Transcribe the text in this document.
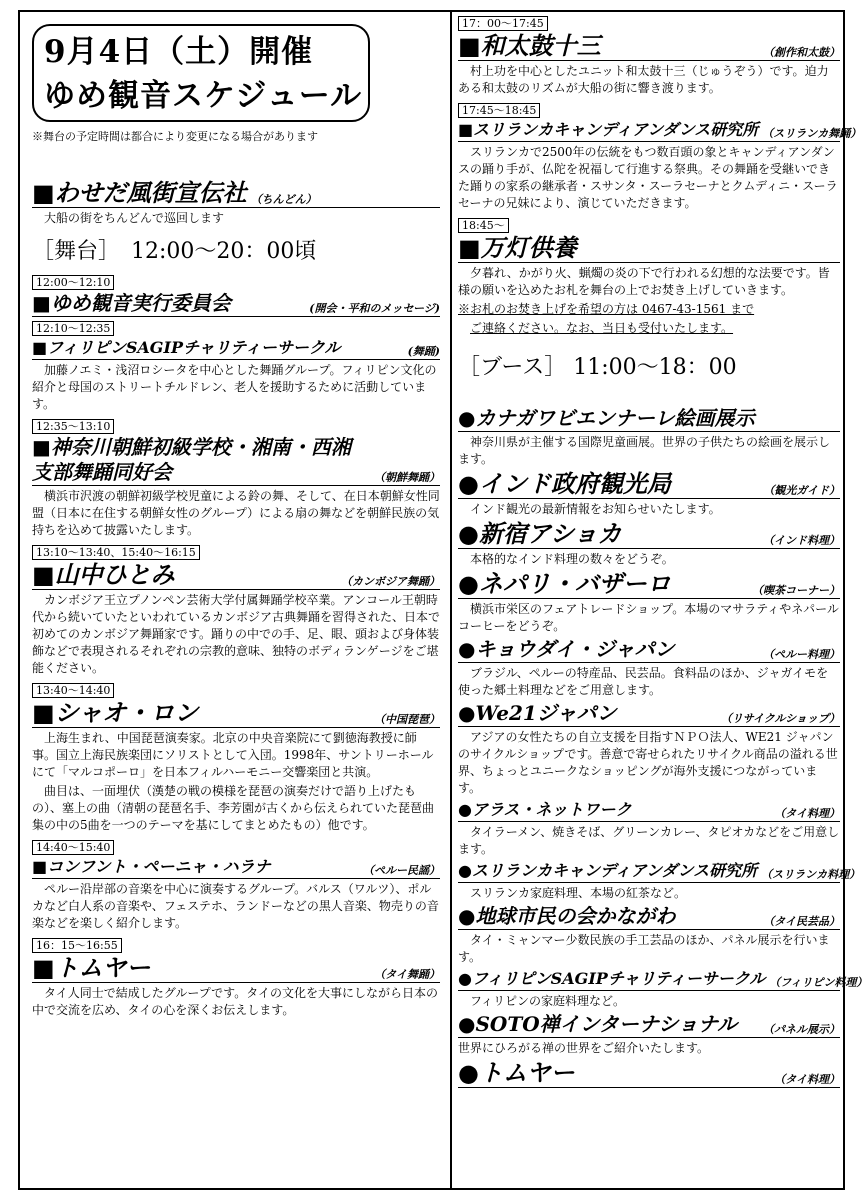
9月4日（土）開催
ゆめ観音スケジュール
※舞台の予定時間は都合により変更になる場合があります
■わせだ風街宣伝社 （ちんどん）
大船の街をちんどんで巡回します
［舞台］　12:00〜20：00頃
12:00〜12:10
■ゆめ観音実行委員会	(開会・平和のメッセージ)
12:10〜12:35
■フィリピンSAGIPチャリティーサークル	(舞踊)
加藤ノエミ・浅沼ロシータを中心とした舞踊グループ。フィリピン文化の紹介と母国のストリートチルドレン、老人を援助するために活動しています。
12:35〜13:10
■神奈川朝鮮初級学校・湘南・西湘支部舞踊同好会	（朝鮮舞踊）
横浜市沢渡の朝鮮初級学校児童による鈴の舞、そして、在日本朝鮮女性同盟（日本に在住する朝鮮女性のグループ）による扇の舞などを朝鮮民族の気持ちを込めて披露いたします。
13:10〜13:40、15:40〜16:15
■山中ひとみ	（カンボジア舞踊）
カンボジア王立プノンペン芸術大学付属舞踊学校卒業。アンコール王朝時代から続いていたといわれているカンボジア古典舞踊を習得された、日本で初めてのカンボジア舞踊家です。踊りの中での手、足、眼、頭および身体装飾などで表現されるそれぞれの宗教的意味、独特のボディランゲージをご堪能ください。
13:40〜14:40
■シャオ・ロン	（中国琵琶）
上海生まれ、中国琵琶演奏家。北京の中央音楽院にて劉徳海教授に師事。国立上海民族楽団にソリストとして入団。1998年、サントリーホールにて「マルコポーロ」を日本フィルハーモニー交響楽団と共演。
曲目は、一面埋伏（漢楚の戦の模様を琵琶の演奏だけで語り上げたもの）、塞上の曲（清朝の琵琶名手、李芳園が古くから伝えられていた琵琶曲集の中の5曲を一つのテーマを基にしてまとめたもの）他です。
14:40〜15:40
■コンフント・ペーニャ・ハラナ	（ペルー民謡）
ペルー沿岸部の音楽を中心に演奏するグループ。バルス（ワルツ）、ポルカなど白人系の音楽や、フェステホ、ランドーなどの黒人音楽、物売りの音楽などを楽しく紹介します。
16：15〜16:55
■トムヤー	（タイ舞踊）
タイ人同士で結成したグループです。タイの文化を大事にしながら日本の中で交流を広め、タイの心を深くお伝えします。
17：00〜17:45
■和太鼓十三	（創作和太鼓）
村上功を中心としたユニット和太鼓十三（じゅうぞう）です。迫力ある和太鼓のリズムが大船の街に響き渡ります。
17:45〜18:45
■スリランカキャンディアンダンス研究所 （スリランカ舞踊）
スリランカで2500年の伝統をもつ数百頭の象とキャンディアンダンスの踊り手が、仏陀を祝福して行進する祭典。その舞踊を受継いできた踊りの家系の継承者・スサンタ・スーラセーナとクムディニ・スーラセーナの兄妹により、演じていただきます。
18:45〜
■万灯供養
夕暮れ、かがり火、蝋燭の炎の下で行われる幻想的な法要です。皆様の願いを込めたお札を舞台の上でお焚き上げしていきます。
※お札のお焚き上げを希望の方は 0467-43-1561 まで
ご連絡ください。なお、当日も受付いたします。
［ブース］ 11:00〜18：00
●カナガワビエンナーレ絵画展示
神奈川県が主催する国際児童画展。世界の子供たちの絵画を展示します。
●インド政府観光局	（観光ガイド）
インド観光の最新情報をお知らせいたします。
●新宿アショカ	（インド料理）
本格的なインド料理の数々をどうぞ。
●ネパリ・バザーロ	（喫茶コーナー）
横浜市栄区のフェアトレードショップ。本場のマサラティやネパールコーヒーをどうぞ。
●キョウダイ・ジャパン	（ペルー料理）
ブラジル、ペルーの特産品、民芸品。食料品のほか、ジャガイモを使った郷土料理などをご用意します。
●We21ジャパン	（リサイクルショップ）
アジアの女性たちの自立支援を目指すＮＰＯ法人、WE21 ジャパンのサイクルショップです。善意で寄せられたリサイクル商品の溢れる世界、ちょっとユニークなショッピングが海外支援につながっています。
●アラス・ネットワーク	（タイ料理）
タイラーメン、焼きそば、グリーンカレー、タピオカなどをご用意します。
●スリランカキャンディアンダンス研究所 （スリランカ料理）
スリランカ家庭料理、本場の紅茶など。
●地球市民の会かながわ	（タイ民芸品）
タイ・ミャンマー少数民族の手工芸品のほか、パネル展示を行います。
●フィリピンSAGIPチャリティーサークル （フィリピン料理）
フィリピンの家庭料理など。
●SOTO禅インターナショナル （パネル展示）
世界にひろがる禅の世界をご紹介いたします。
●トムヤー	（タイ料理）
